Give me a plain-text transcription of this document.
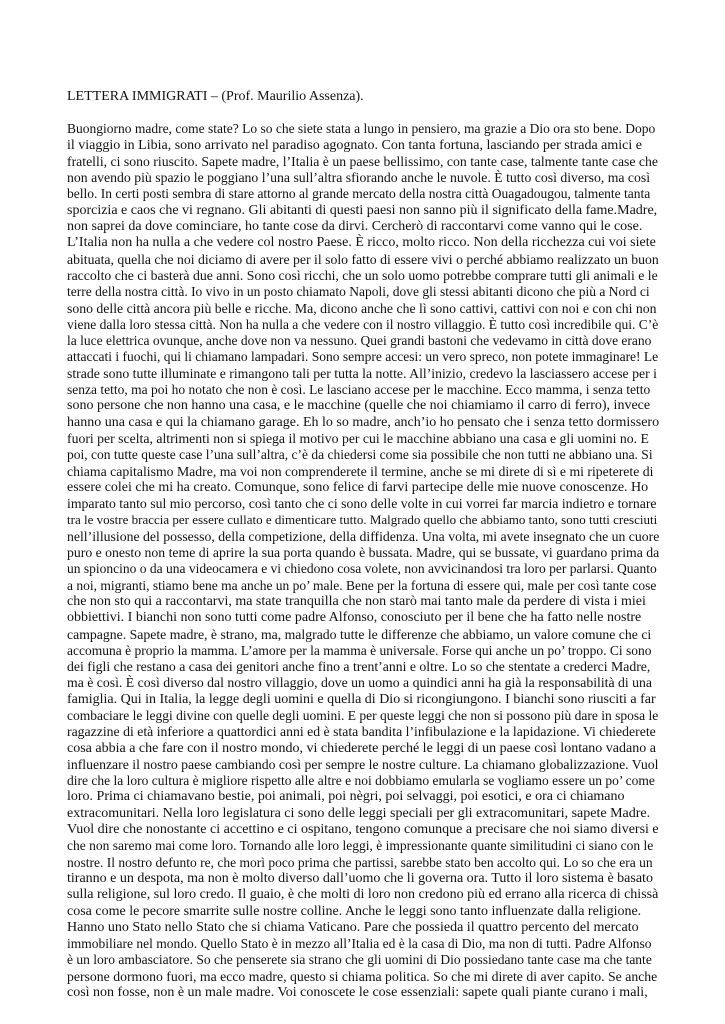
LETTERA IMMIGRATI – (Prof. Maurilio Assenza).

Buongiorno madre, come state? Lo so che siete stata a lungo in pensiero, ma grazie a Dio ora sto bene. Dopo
il viaggio in Libia, sono arrivato nel paradiso agognato. Con tanta fortuna, lasciando per strada amici e
fratelli, ci sono riuscito. Sapete madre, l’Italia è un paese bellissimo, con tante case, talmente tante case che
non avendo più spazio le poggiano l’una sull’altra sfiorando anche le nuvole. È tutto così diverso, ma così
bello. In certi posti sembra di stare attorno al grande mercato della nostra città Ouagadougou, talmente tanta
sporcizia e caos che vi regnano. Gli abitanti di questi paesi non sanno più il significato della fame.Madre,
non saprei da dove cominciare, ho tante cose da dirvi. Cercherò di raccontarvi come vanno qui le cose.
L’Italia non ha nulla a che vedere col nostro Paese. È ricco, molto ricco. Non della ricchezza cui voi siete
abituata, quella che noi diciamo di avere per il solo fatto di essere vivi o perché abbiamo realizzato un buon
raccolto che ci basterà due anni. Sono così ricchi, che un solo uomo potrebbe comprare tutti gli animali e le
terre della nostra città. Io vivo in un posto chiamato Napoli, dove gli stessi abitanti dicono che più a Nord ci
sono delle città ancora più belle e ricche. Ma, dicono anche che lì sono cattivi, cattivi con noi e con chi non
viene dalla loro stessa città. Non ha nulla a che vedere con il nostro villaggio. È tutto così incredibile qui. C’è
la luce elettrica ovunque, anche dove non va nessuno. Quei grandi bastoni che vedevamo in città dove erano
attaccati i fuochi, qui li chiamano lampadari. Sono sempre accesi: un vero spreco, non potete immaginare! Le
strade sono tutte illuminate e rimangono tali per tutta la notte. All’inizio, credevo la lasciassero accese per i
senza tetto, ma poi ho notato che non è così. Le lasciano accese per le macchine. Ecco mamma, i senza tetto
sono persone che non hanno una casa, e le macchine (quelle che noi chiamiamo il carro di ferro), invece
hanno una casa e qui la chiamano garage. Eh lo so madre, anch’io ho pensato che i senza tetto dormissero
fuori per scelta, altrimenti non si spiega il motivo per cui le macchine abbiano una casa e gli uomini no. E
poi, con tutte queste case l’una sull’altra, c’è da chiedersi come sia possibile che non tutti ne abbiano una. Si
chiama capitalismo Madre, ma voi non comprenderete il termine, anche se mi direte di sì e mi ripeterete di
essere colei che mi ha creato. Comunque, sono felice di farvi partecipe delle mie nuove conoscenze. Ho
imparato tanto sul mio percorso, così tanto che ci sono delle volte in cui vorrei far marcia indietro e tornare
tra le vostre braccia per essere cullato e dimenticare tutto. Malgrado quello che abbiamo tanto, sono tutti cresciuti
nell’illusione del possesso, della competizione, della diffidenza. Una volta, mi avete insegnato che un cuore
puro e onesto non teme di aprire la sua porta quando è bussata. Madre, qui se bussate, vi guardano prima da
un spioncino o da una videocamera e vi chiedono cosa volete, non avvicinandosi tra loro per parlarsi. Quanto
a noi, migranti, stiamo bene ma anche un po’ male. Bene per la fortuna di essere qui, male per così tante cose
che non sto qui a raccontarvi, ma state tranquilla che non starò mai tanto male da perdere di vista i miei
obbiettivi. I bianchi non sono tutti come padre Alfonso, conosciuto per il bene che ha fatto nelle nostre
campagne. Sapete madre, è strano, ma, malgrado tutte le differenze che abbiamo, un valore comune che ci
accomuna è proprio la mamma. L’amore per la mamma è universale. Forse qui anche un po’ troppo. Ci sono
dei figli che restano a casa dei genitori anche fino a trent’anni e oltre. Lo so che stentate a crederci Madre,
ma è così. È così diverso dal nostro villaggio, dove un uomo a quindici anni ha già la responsabilità di una
famiglia. Qui in Italia, la legge degli uomini e quella di Dio si ricongiungono. I bianchi sono riusciti a far
combaciare le leggi divine con quelle degli uomini. E per queste leggi che non si possono più dare in sposa le
ragazzine di età inferiore a quattordici anni ed è stata bandita l’infibulazione e la lapidazione. Vi chiederete
cosa abbia a che fare con il nostro mondo, vi chiederete perché le leggi di un paese così lontano vadano a
influenzare il nostro paese cambiando così per sempre le nostre culture. La chiamano globalizzazione. Vuol
dire che la loro cultura è migliore rispetto alle altre e noi dobbiamo emularla se vogliamo essere un po’ come
loro. Prima ci chiamavano bestie, poi animali, poi nègri, poi selvaggi, poi esotici, e ora ci chiamano
extracomunitari. Nella loro legislatura ci sono delle leggi speciali per gli extracomunitari, sapete Madre.
Vuol dire che nonostante ci accettino e ci ospitano, tengono comunque a precisare che noi siamo diversi e
che non saremo mai come loro. Tornando alle loro leggi, è impressionante quante similitudini ci siano con le
nostre. Il nostro defunto re, che morì poco prima che partissi, sarebbe stato ben accolto qui. Lo so che era un
tiranno e un despota, ma non è molto diverso dall’uomo che li governa ora. Tutto il loro sistema è basato
sulla religione, sul loro credo. Il guaio, è che molti di loro non credono più ed errano alla ricerca di chissà
cosa come le pecore smarrite sulle nostre colline. Anche le leggi sono tanto influenzate dalla religione.
Hanno uno Stato nello Stato che si chiama Vaticano. Pare che possieda il quattro percento del mercato
immobiliare nel mondo. Quello Stato è in mezzo all’Italia ed è la casa di Dio, ma non di tutti. Padre Alfonso
è un loro ambasciatore. So che penserete sia strano che gli uomini di Dio possiedano tante case ma che tante
persone dormono fuori, ma ecco madre, questo si chiama politica. So che mi direte di aver capito. Se anche
così non fosse, non è un male madre. Voi conoscete le cose essenziali: sapete quali piante curano i mali,
